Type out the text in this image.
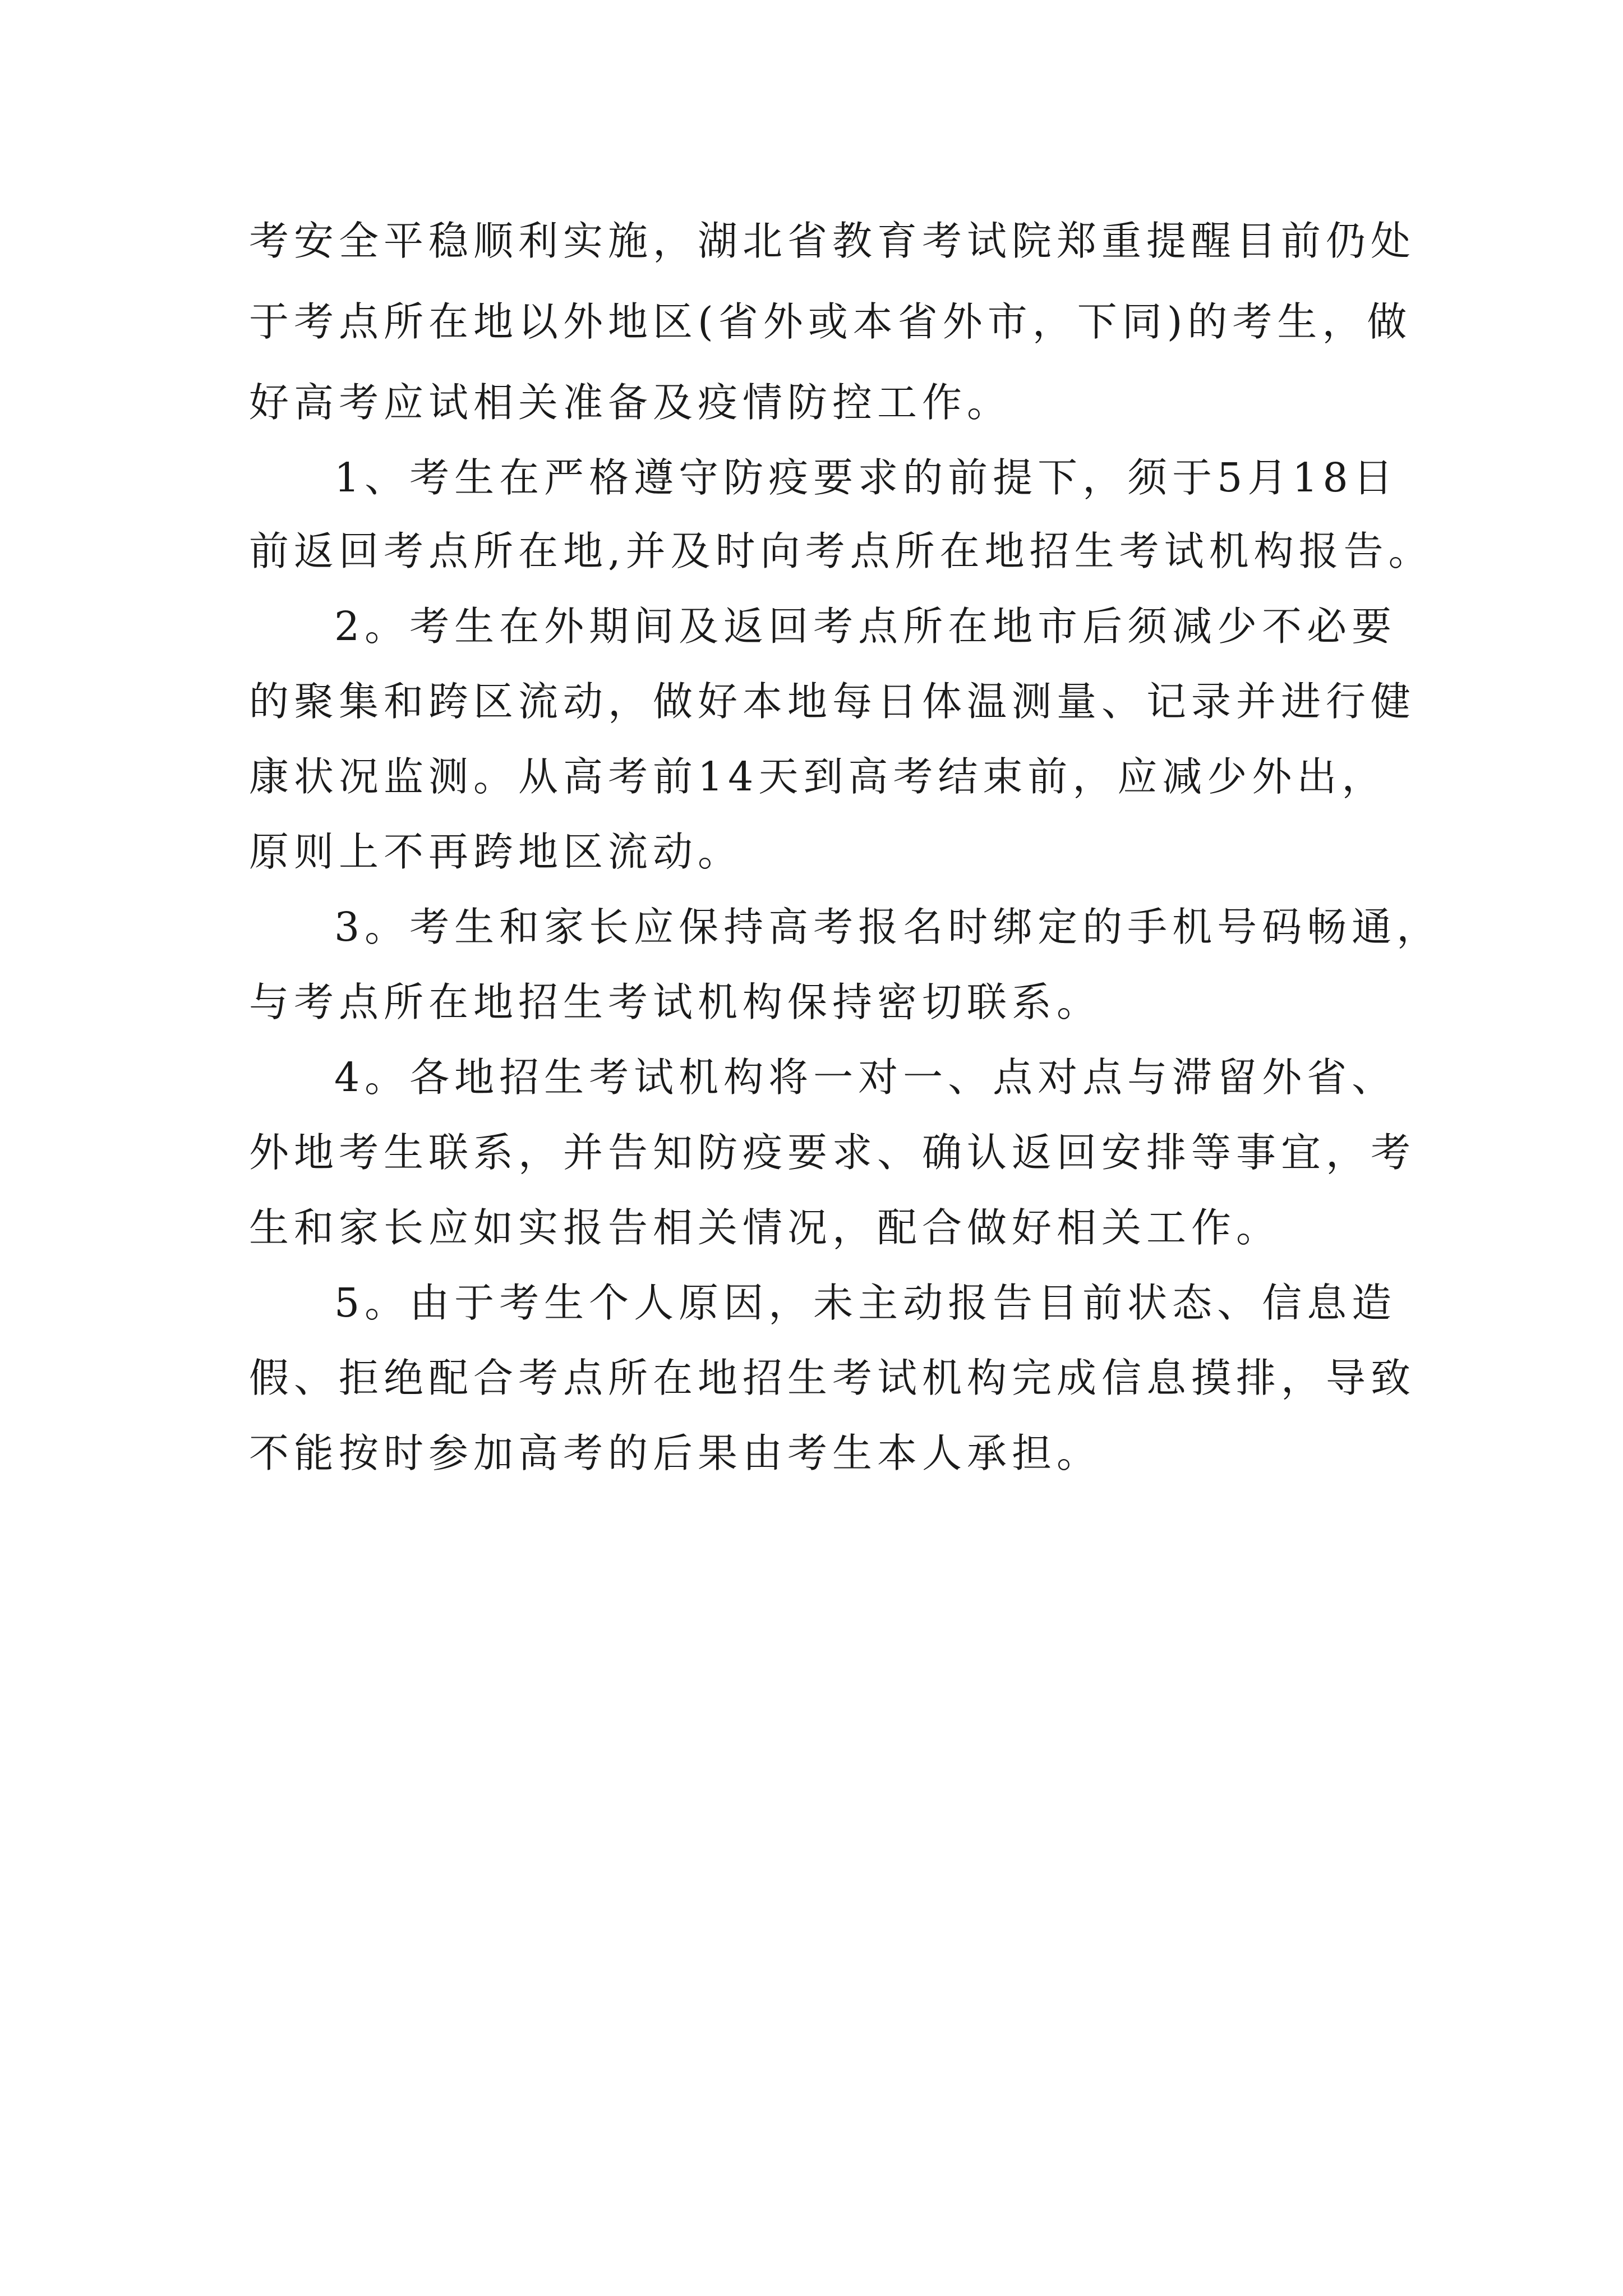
考安全平稳顺利实施，湖北省教育考试院郑重提醒目前仍处
于考点所在地以外地区(省外或本省外市，下同)的考生，做
好高考应试相关准备及疫情防控工作。
1、考生在严格遵守防疫要求的前提下，须于5月18日
前返回考点所在地,并及时向考点所在地招生考试机构报告。
2。考生在外期间及返回考点所在地市后须减少不必要
的聚集和跨区流动，做好本地每日体温测量、记录并进行健
康状况监测。从高考前14天到高考结束前，应减少外出，
原则上不再跨地区流动。
3。考生和家长应保持高考报名时绑定的手机号码畅通，
与考点所在地招生考试机构保持密切联系。
4。各地招生考试机构将一对一、点对点与滞留外省、
外地考生联系，并告知防疫要求、确认返回安排等事宜，考
生和家长应如实报告相关情况，配合做好相关工作。
5。由于考生个人原因，未主动报告目前状态、信息造
假、拒绝配合考点所在地招生考试机构完成信息摸排，导致
不能按时参加高考的后果由考生本人承担。
